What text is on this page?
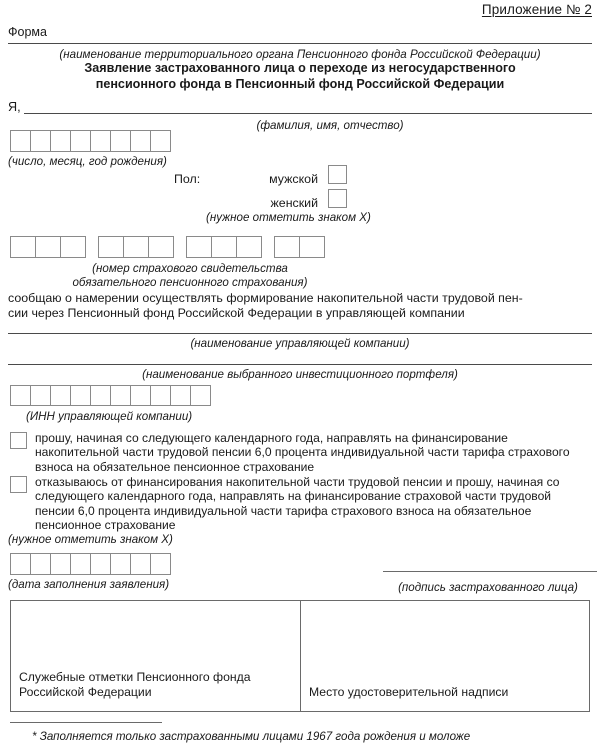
Приложение № 2
Форма
(наименование территориального органа Пенсионного фонда Российской Федерации)
Заявление застрахованного лица о переходе из негосударственного
пенсионного фонда в Пенсионный фонд Российской Федерации
Я,
(фамилия, имя, отчество)
(число, месяц, год рождения)
Пол:	мужской
женский
(нужное отметить знаком Х)
(номер страхового свидетельства
обязательного пенсионного страхования)
сообщаю о намерении осуществлять формирование накопительной части трудовой пен-
сии через Пенсионный фонд Российской Федерации в управляющей компании
(наименование управляющей компании)
(наименование выбранного инвестиционного портфеля)
(ИНН управляющей компании)
прошу, начиная со следующего календарного года, направлять на финансирование накопительной части трудовой пенсии 6,0 процента индивидуальной части тарифа страхового взноса на обязательное пенсионное страхование
отказываюсь от финансирования накопительной части трудовой пенсии и прошу, начиная со следующего календарного года, направлять на финансирование страховой части трудовой пенсии 6,0 процента индивидуальной части тарифа страхового взноса на обязательное пенсионное страхование
(нужное отметить знаком Х)
(дата заполнения заявления)	(подпись застрахованного лица)
Служебные отметки Пенсионного фонда Российской Федерации	Место удостоверительной надписи
* Заполняется только застрахованными лицами 1967 года рождения и моложе
